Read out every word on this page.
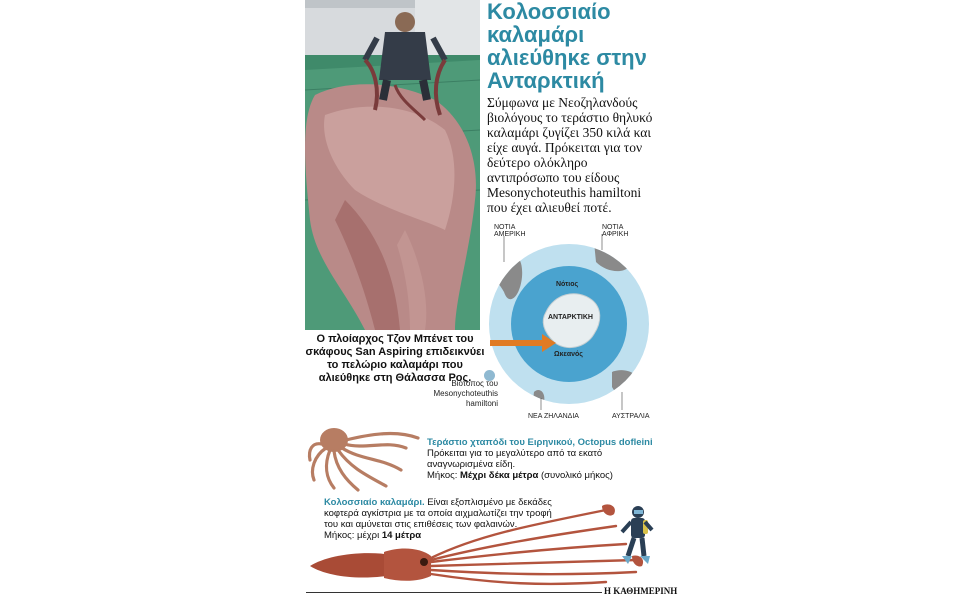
Ο πλοίαρχος Τζον Μπένετ του σκάφους San Aspiring επιδεικνύει το πελώριο καλαμάρι που αλιεύθηκε στη Θάλασσα Ρος.
Κολοσσιαίο καλαμάρι αλιεύθηκε στην Ανταρκτική
Σύμφωνα με Νεοζηλανδούς βιολόγους το τεράστιο θηλυκό καλαμάρι ζυγίζει 350 κιλά και είχε αυγά. Πρόκειται για τον δεύτερο ολόκληρο αντιπρόσωπο του είδους Mesonychoteuthis hamiltoni που έχει αλιευθεί ποτέ.
ΝΟΤΙΑ
ΑΜΕΡΙΚΗ
ΝΟΤΙΑ
ΑΦΡΙΚΗ
Νότιος
ΑΝΤΑΡΚΤΙΚΗ
Ωκεανός
ΝΕΑ ΖΗΛΑΝΔΙΑ	ΑΥΣΤΡΑΛΙΑ
Βιότοπος του Mesonychoteuthis hamiltoni
Τεράστιο χταπόδι του Ειρηνικού, Octopus dofleini
Πρόκειται για το μεγαλύτερο από τα εκατό αναγνωρισμένα είδη.
Μήκος: Μέχρι δέκα μέτρα (συνολικό μήκος)
Κολοσσιαίο καλαμάρι. Είναι εξοπλισμένο με δεκάδες κοφτερά αγκίστρια με τα οποία αιχμαλωτίζει την τροφή του και αμύνεται στις επιθέσεις των φαλαινών.
Μήκος: μέχρι 14 μέτρα
Η ΚΑΘΗΜΕΡΙΝΗ
